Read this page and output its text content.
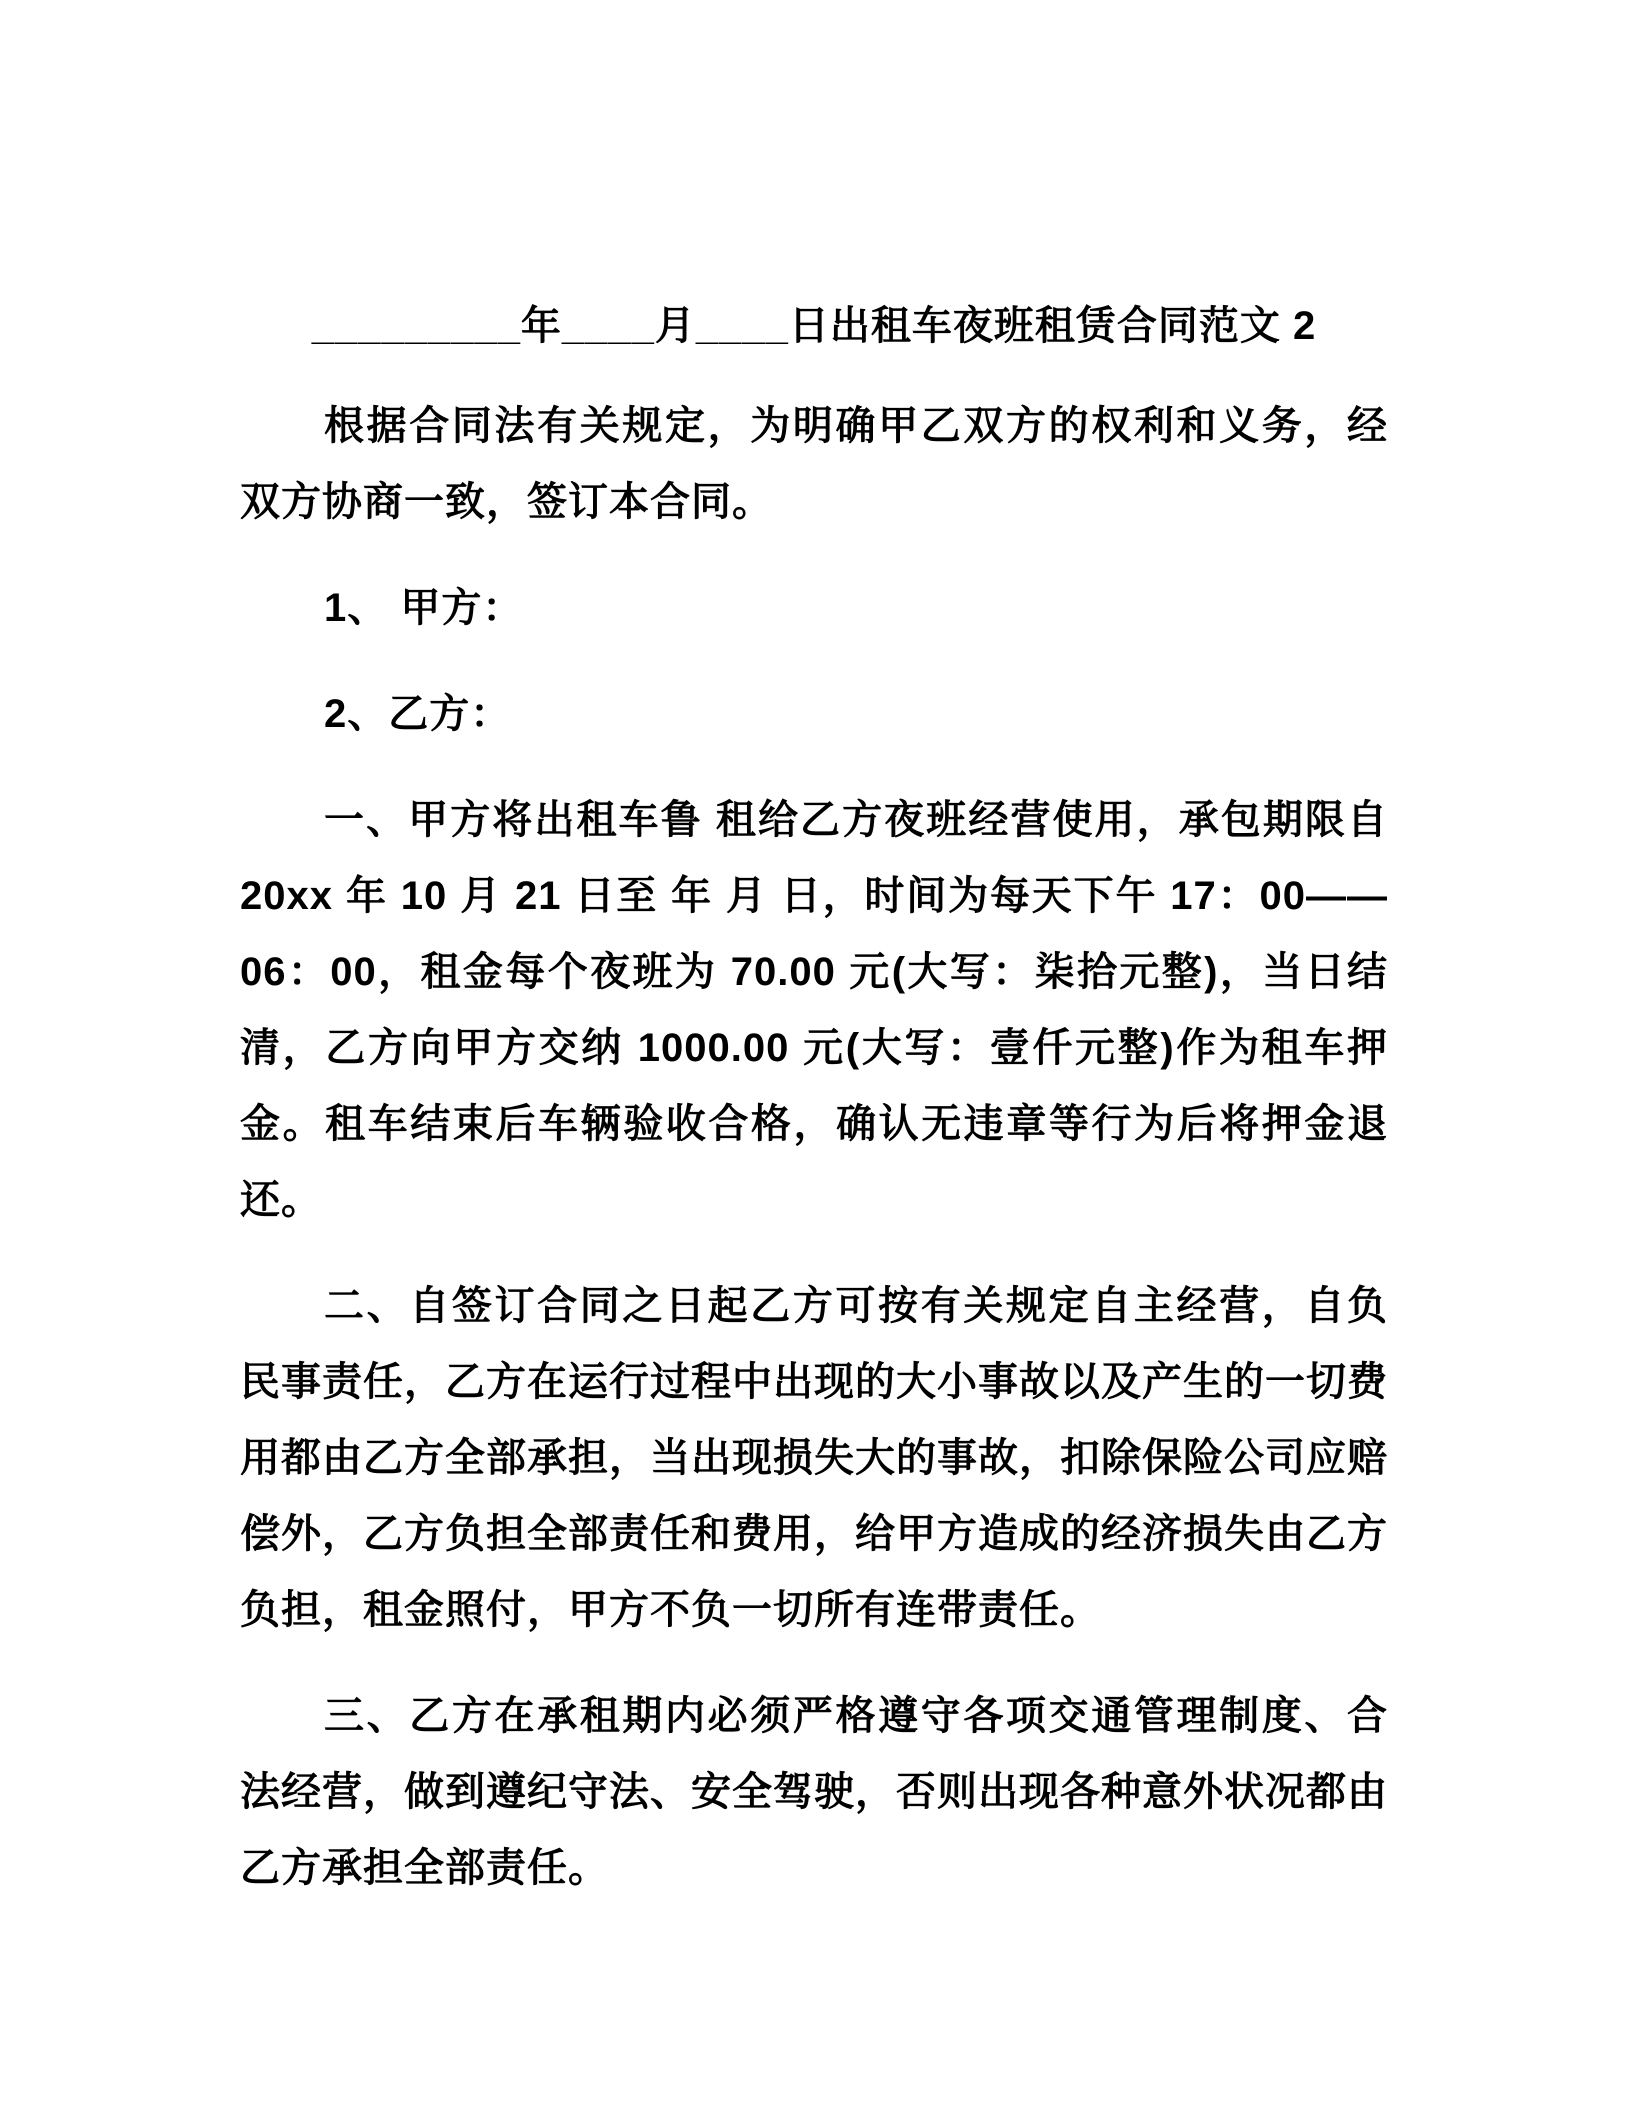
_________年____月____日出租车夜班租赁合同范文 2

根据合同法有关规定，为明确甲乙双方的权利和义务，经双方协商一致，签订本合同。

1、 甲方：

2、乙方：

一、甲方将出租车鲁 租给乙方夜班经营使用，承包期限自 20xx 年 10 月 21 日至 年 月 日，时间为每天下午 17：00——06：00，租金每个夜班为 70.00 元(大写：柒拾元整)，当日结清，乙方向甲方交纳 1000.00 元(大写：壹仟元整)作为租车押金。租车结束后车辆验收合格，确认无违章等行为后将押金退还。

二、自签订合同之日起乙方可按有关规定自主经营，自负民事责任，乙方在运行过程中出现的大小事故以及产生的一切费用都由乙方全部承担，当出现损失大的事故，扣除保险公司应赔偿外，乙方负担全部责任和费用，给甲方造成的经济损失由乙方负担，租金照付，甲方不负一切所有连带责任。

三、乙方在承租期内必须严格遵守各项交通管理制度、合法经营，做到遵纪守法、安全驾驶，否则出现各种意外状况都由乙方承担全部责任。
